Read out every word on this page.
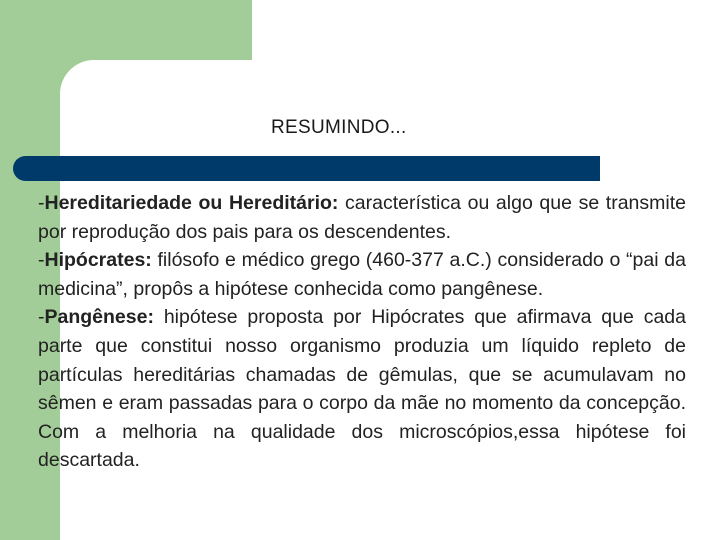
RESUMINDO...

-Hereditariedade ou Hereditário: característica ou algo que se transmite por reprodução dos pais para os descendentes.

-Hipócrates: filósofo e médico grego (460-377 a.C.) considerado o “pai da medicina”, propôs a hipótese conhecida como pangênese.

-Pangênese: hipótese proposta por Hipócrates que afirmava que cada parte que constitui nosso organismo produzia um líquido repleto de partículas hereditárias chamadas de gêmulas, que se acumulavam no sêmen e eram passadas para o corpo da mãe no momento da concepção. Com a melhoria na qualidade dos microscópios,essa hipótese foi descartada.
